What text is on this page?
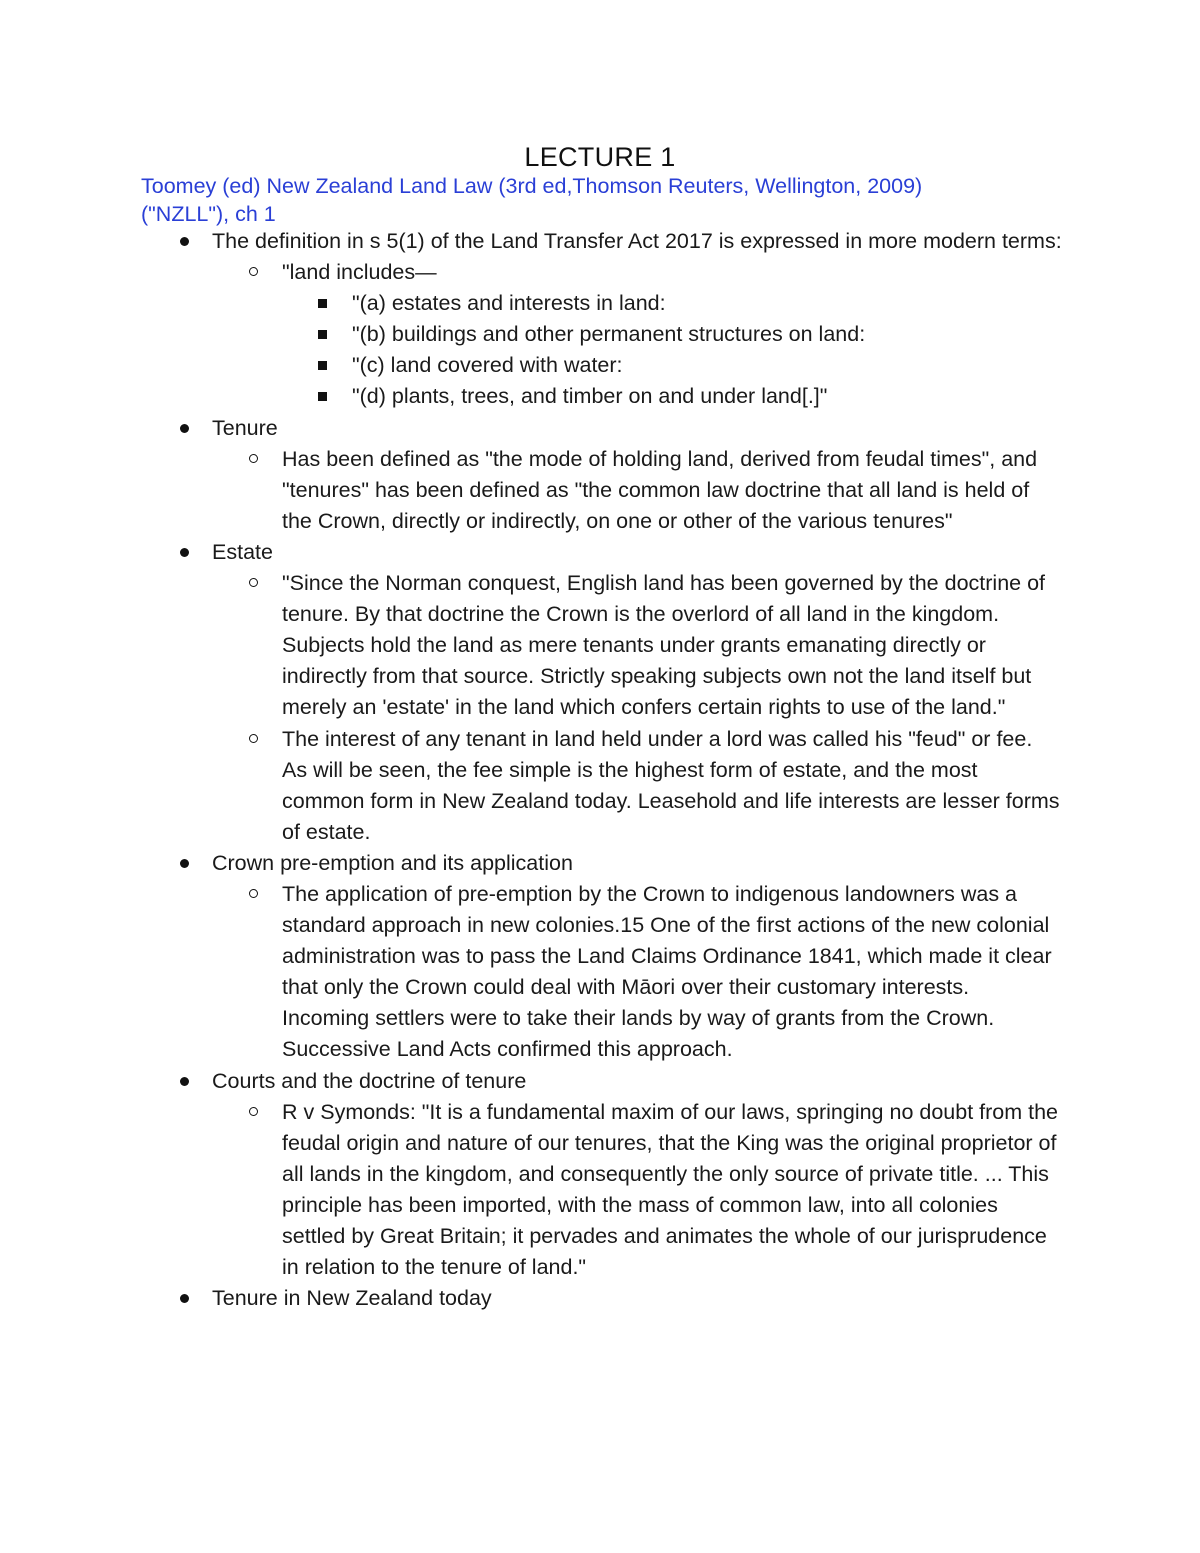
LECTURE 1
Toomey (ed) New Zealand Land Law (3rd ed,Thomson Reuters, Wellington, 2009)
("NZLL"), ch 1
The definition in s 5(1) of the Land Transfer Act 2017 is expressed in more modern terms:
"land includes—
"(a) estates and interests in land:
"(b) buildings and other permanent structures on land:
"(c) land covered with water:
"(d) plants, trees, and timber on and under land[.]"
Tenure
Has been defined as "the mode of holding land, derived from feudal times", and "tenures" has been defined as "the common law doctrine that all land is held of the Crown, directly or indirectly, on one or other of the various tenures"
Estate
"Since the Norman conquest, English land has been governed by the doctrine of tenure. By that doctrine the Crown is the overlord of all land in the kingdom. Subjects hold the land as mere tenants under grants emanating directly or indirectly from that source. Strictly speaking subjects own not the land itself but merely an 'estate' in the land which confers certain rights to use of the land."
The interest of any tenant in land held under a lord was called his "feud" or fee. As will be seen, the fee simple is the highest form of estate, and the most common form in New Zealand today. Leasehold and life interests are lesser forms of estate.
Crown pre-emption and its application
The application of pre-emption by the Crown to indigenous landowners was a standard approach in new colonies.15 One of the first actions of the new colonial administration was to pass the Land Claims Ordinance 1841, which made it clear that only the Crown could deal with Māori over their customary interests. Incoming settlers were to take their lands by way of grants from the Crown. Successive Land Acts confirmed this approach.
Courts and the doctrine of tenure
R v Symonds: "It is a fundamental maxim of our laws, springing no doubt from the feudal origin and nature of our tenures, that the King was the original proprietor of all lands in the kingdom, and consequently the only source of private title. ... This principle has been imported, with the mass of common law, into all colonies settled by Great Britain; it pervades and animates the whole of our jurisprudence in relation to the tenure of land."
Tenure in New Zealand today
